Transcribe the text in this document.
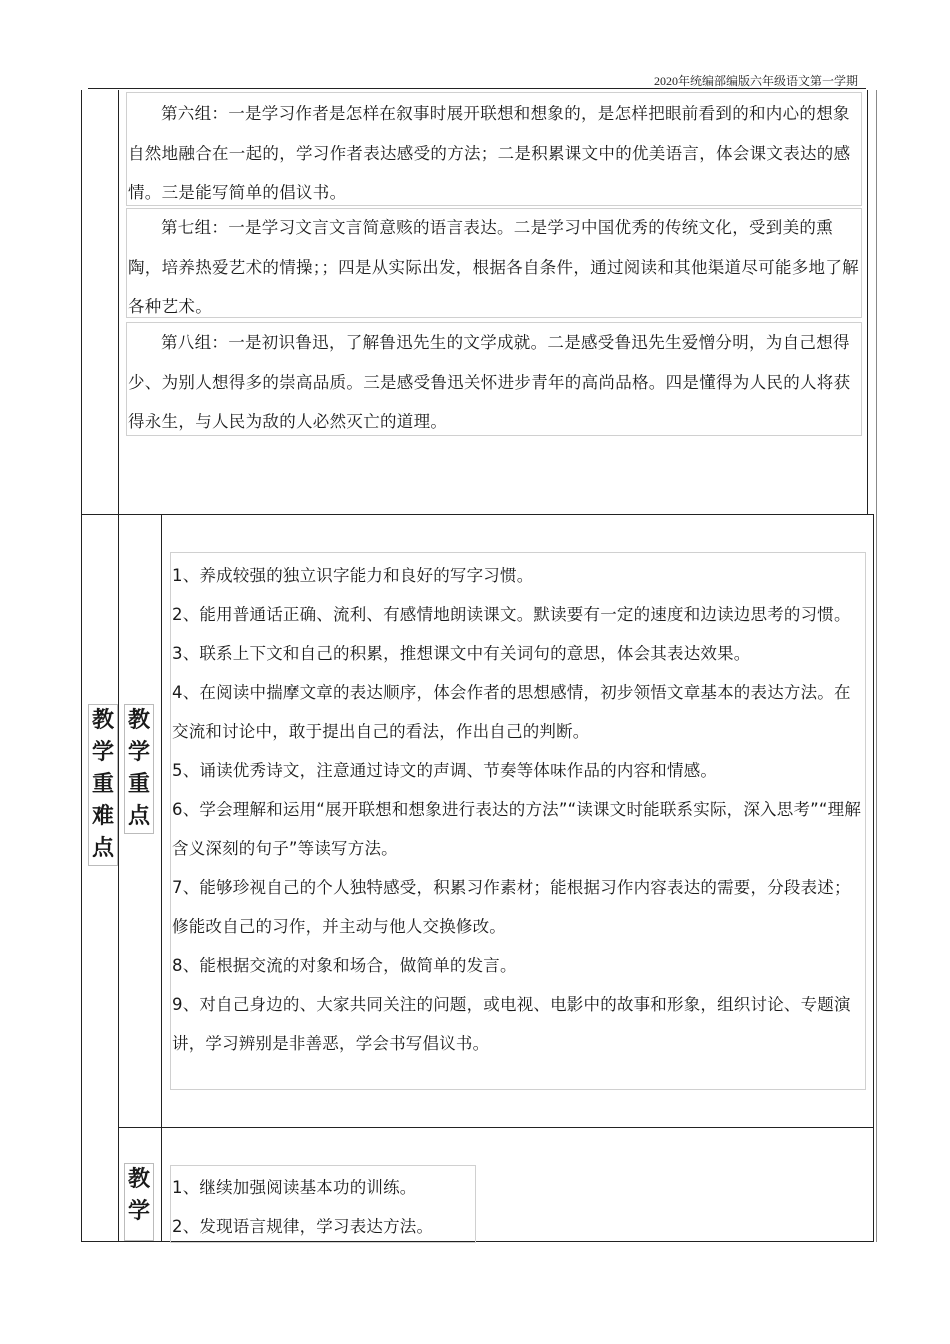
2020年统编部编版六年级语文第一学期

第六组：一是学习作者是怎样在叙事时展开联想和想象的，是怎样把眼前看到的和内心的想象自然地融合在一起的，学习作者表达感受的方法；二是积累课文中的优美语言，体会课文表达的感情。三是能写简单的倡议书。

第七组：一是学习文言文言简意赅的语言表达。二是学习中国优秀的传统文化，受到美的熏陶，培养热爱艺术的情操；；四是从实际出发，根据各自条件，通过阅读和其他渠道尽可能多地了解各种艺术。

第八组：一是初识鲁迅，了解鲁迅先生的文学成就。二是感受鲁迅先生爱憎分明，为自己想得少、为别人想得多的崇高品质。三是感受鲁迅关怀进步青年的高尚品格。四是懂得为人民的人将获得永生，与人民为敌的人必然灭亡的道理。

教学重难点
教学重点
教学
1、养成较强的独立识字能力和良好的写字习惯。
2、能用普通话正确、流利、有感情地朗读课文。默读要有一定的速度和边读边思考的习惯。
3、联系上下文和自己的积累，推想课文中有关词句的意思，体会其表达效果。
4、在阅读中揣摩文章的表达顺序，体会作者的思想感情，初步领悟文章基本的表达方法。在交流和讨论中，敢于提出自己的看法，作出自己的判断。
5、诵读优秀诗文，注意通过诗文的声调、节奏等体味作品的内容和情感。
6、学会理解和运用“展开联想和想象进行表达的方法”“读课文时能联系实际，深入思考”“理解含义深刻的句子”等读写方法。
7、能够珍视自己的个人独特感受，积累习作素材；能根据习作内容表达的需要，分段表述；修能改自己的习作，并主动与他人交换修改。
8、能根据交流的对象和场合，做简单的发言。
9、对自己身边的、大家共同关注的问题，或电视、电影中的故事和形象，组织讨论、专题演讲，学习辨别是非善恶，学会书写倡议书。
1、继续加强阅读基本功的训练。
2、发现语言规律，学习表达方法。
